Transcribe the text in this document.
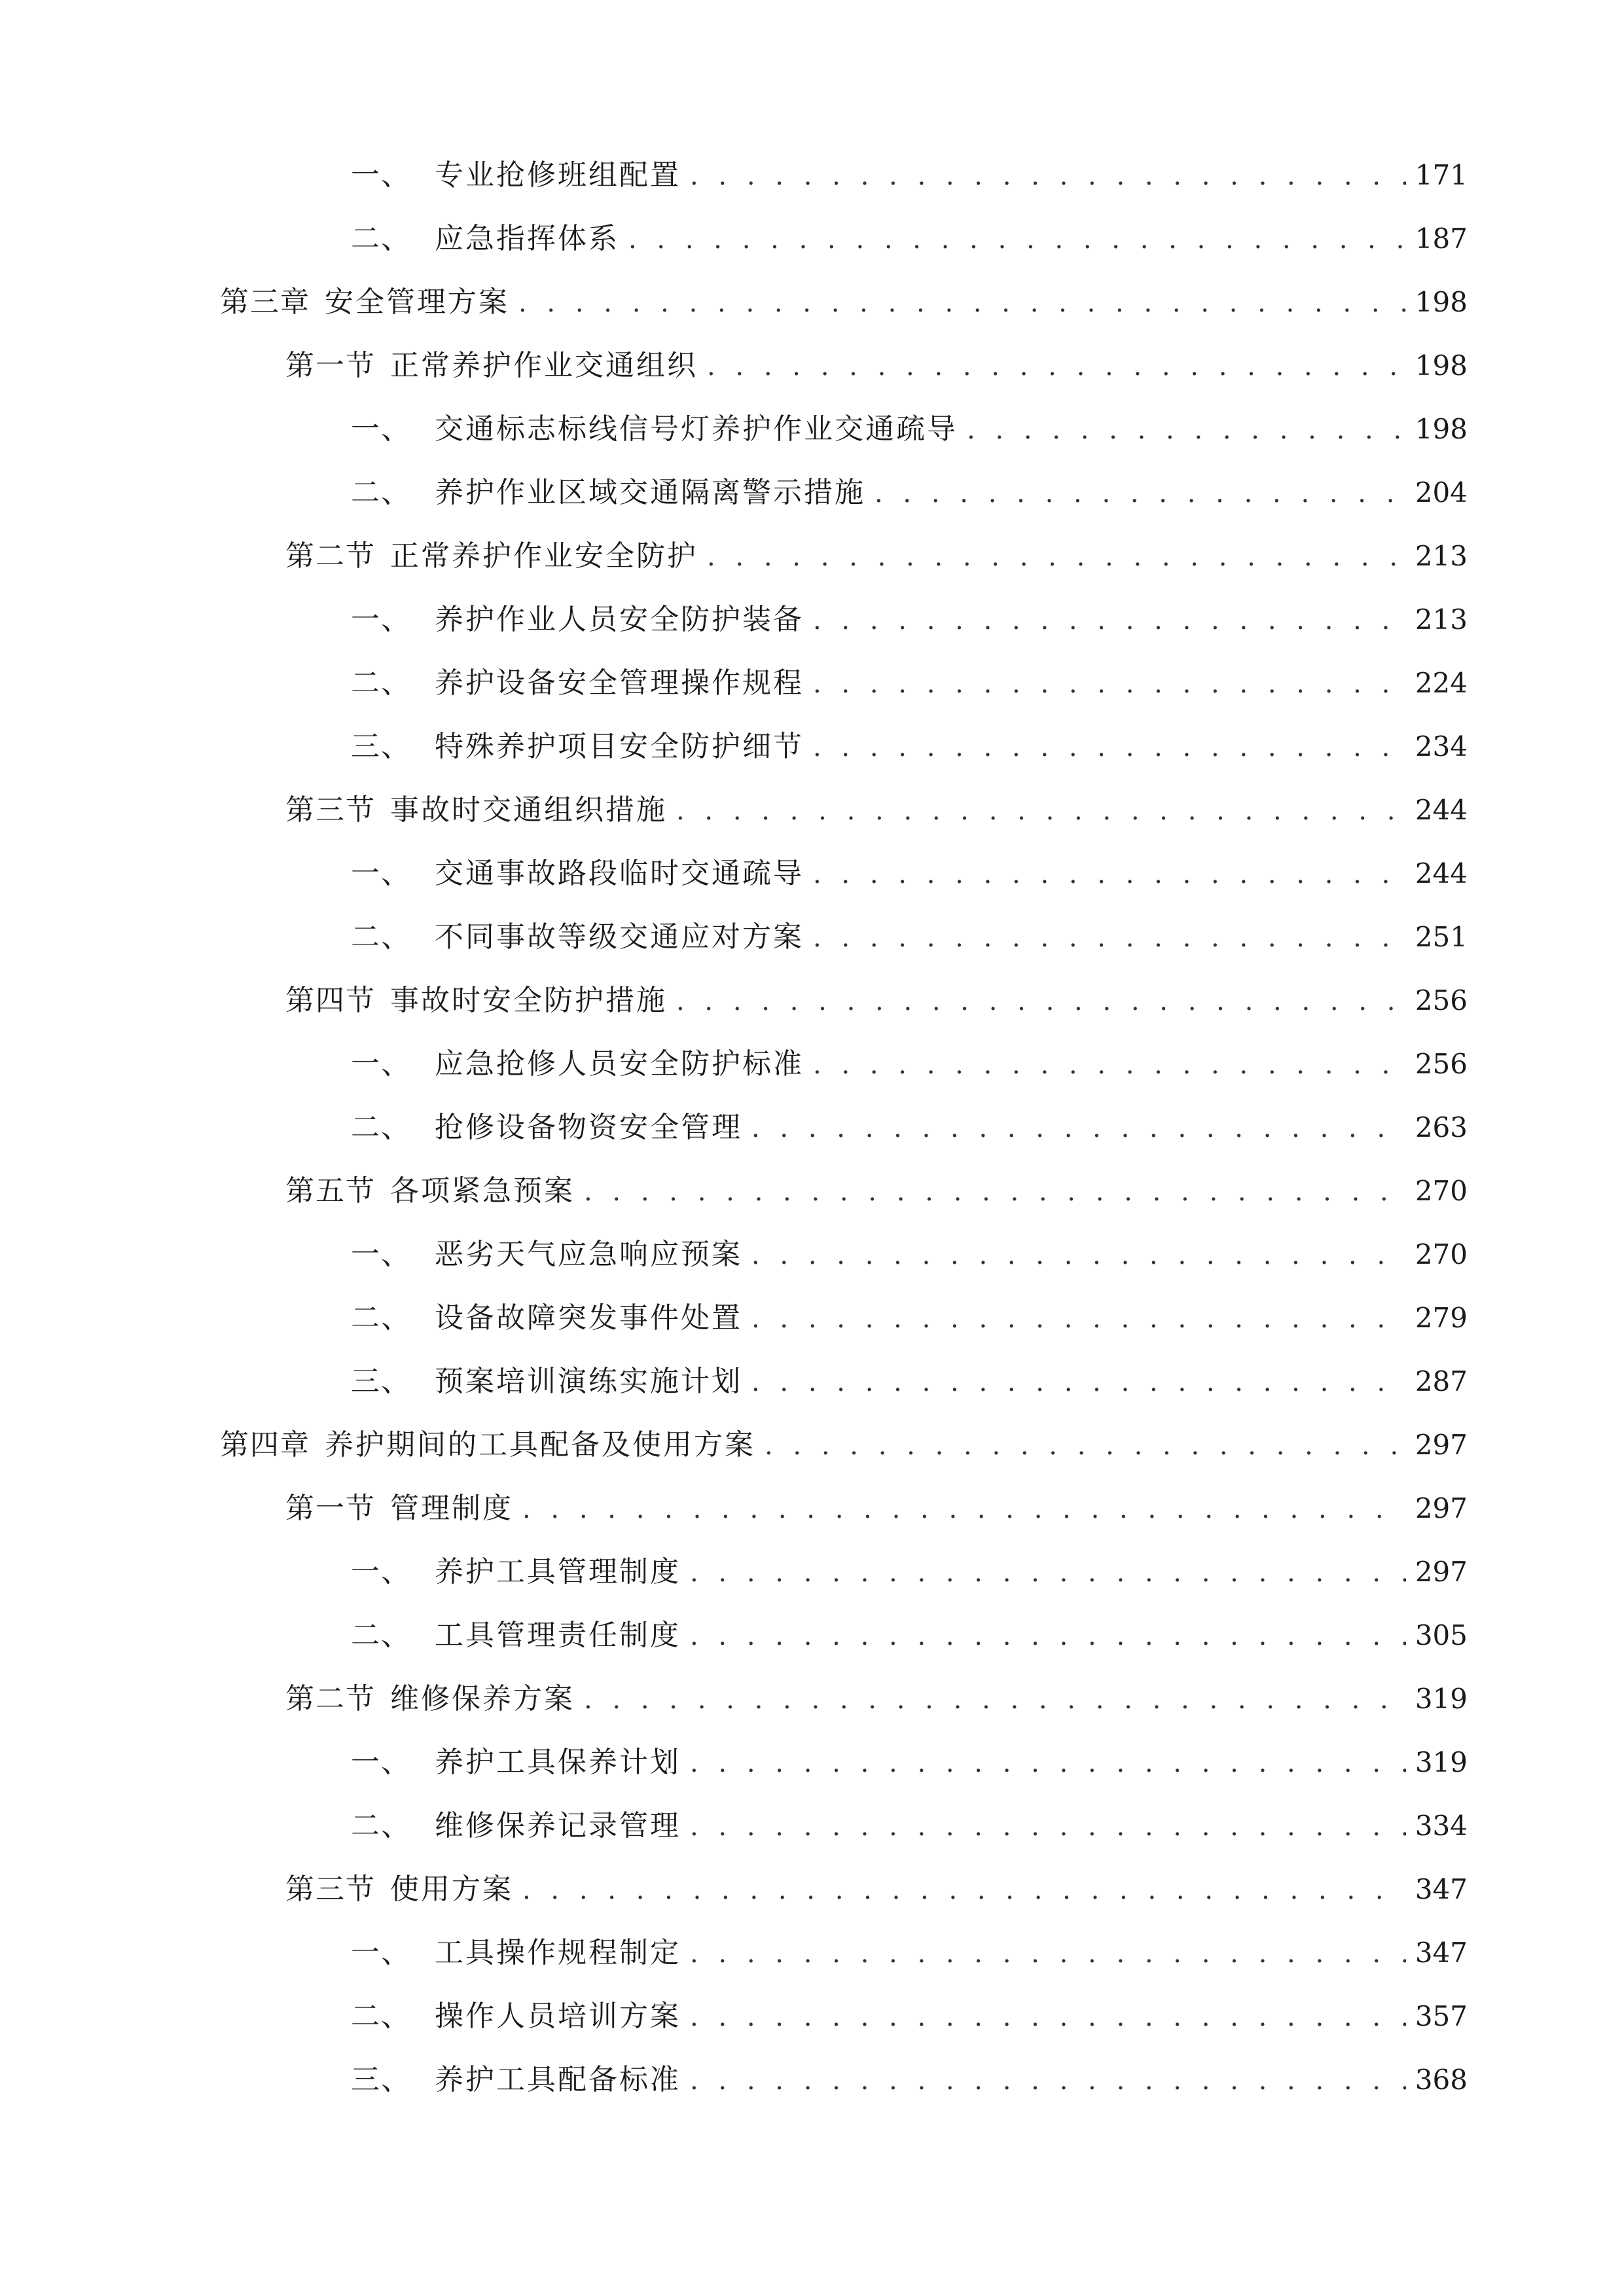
一、 专业抢修班组配置 . . .	171
二、 应急指挥体系 . . .	187
第三章 安全管理方案 . . .	198
第一节 正常养护作业交通组织 . . .	198
一、 交通标志标线信号灯养护作业交通疏导 . . .	198
二、 养护作业区域交通隔离警示措施 . . .	204
第二节 正常养护作业安全防护 . . .	213
一、 养护作业人员安全防护装备 . . .	213
二、 养护设备安全管理操作规程 . . .	224
三、 特殊养护项目安全防护细节 . . .	234
第三节 事故时交通组织措施 . . .	244
一、 交通事故路段临时交通疏导 . . .	244
二、 不同事故等级交通应对方案 . . .	251
第四节 事故时安全防护措施 . . .	256
一、 应急抢修人员安全防护标准 . . .	256
二、 抢修设备物资安全管理 . . .	263
第五节 各项紧急预案 . . .	270
一、 恶劣天气应急响应预案 . . .	270
二、 设备故障突发事件处置 . . .	279
三、 预案培训演练实施计划 . . .	287
第四章 养护期间的工具配备及使用方案 . . .	297
第一节 管理制度 . . .	297
一、 养护工具管理制度 . . .	297
二、 工具管理责任制度 . . .	305
第二节 维修保养方案 . . .	319
一、 养护工具保养计划 . . .	319
二、 维修保养记录管理 . . .	334
第三节 使用方案 . . .	347
一、 工具操作规程制定 . . .	347
二、 操作人员培训方案 . . .	357
三、 养护工具配备标准 . . .	368
